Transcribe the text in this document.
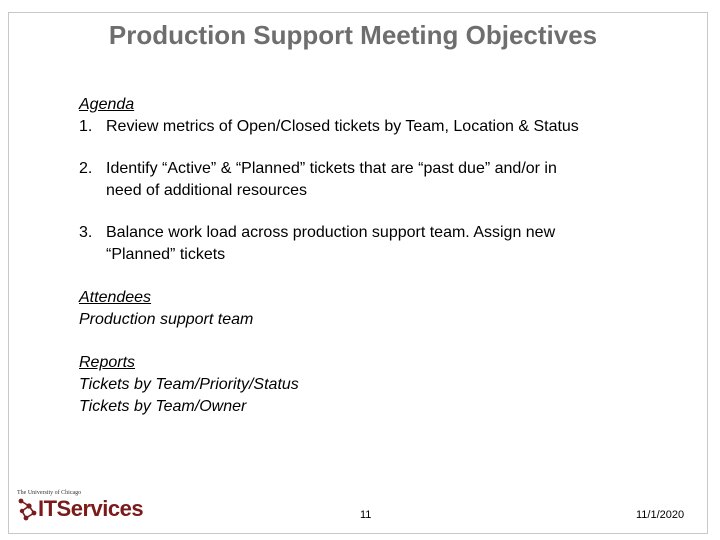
Production Support Meeting Objectives
Agenda
1. Review metrics of Open/Closed tickets by Team, Location & Status
2. Identify “Active” & “Planned” tickets that are “past due” and/or in
need of additional resources
3. Balance work load across production support team. Assign new
“Planned” tickets
Attendees
Production support team
Reports
Tickets by Team/Priority/Status
Tickets by Team/Owner
The University of Chicago
ITServices	11	11/1/2020
